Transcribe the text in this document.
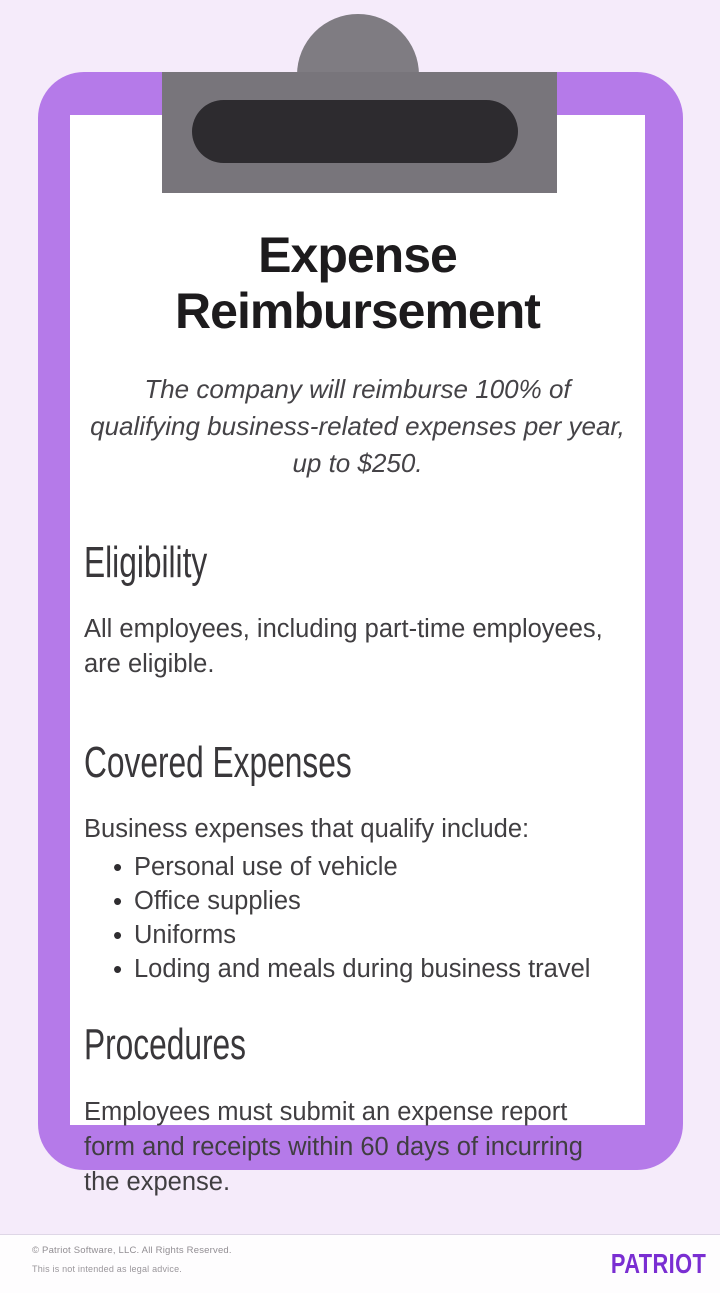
Expense Reimbursement

The company will reimburse 100% of qualifying business-related expenses per year, up to $250.

Eligibility

All employees, including part-time employees, are eligible.

Covered Expenses

Business expenses that qualify include:

• Personal use of vehicle
• Office supplies
• Uniforms
• Loding and meals during business travel
Procedures

Employees must submit an expense report form and receipts within 60 days of incurring the expense.

© Patriot Software, LLC. All Rights Reserved.
This is not intended as legal advice.	PATRIOT
